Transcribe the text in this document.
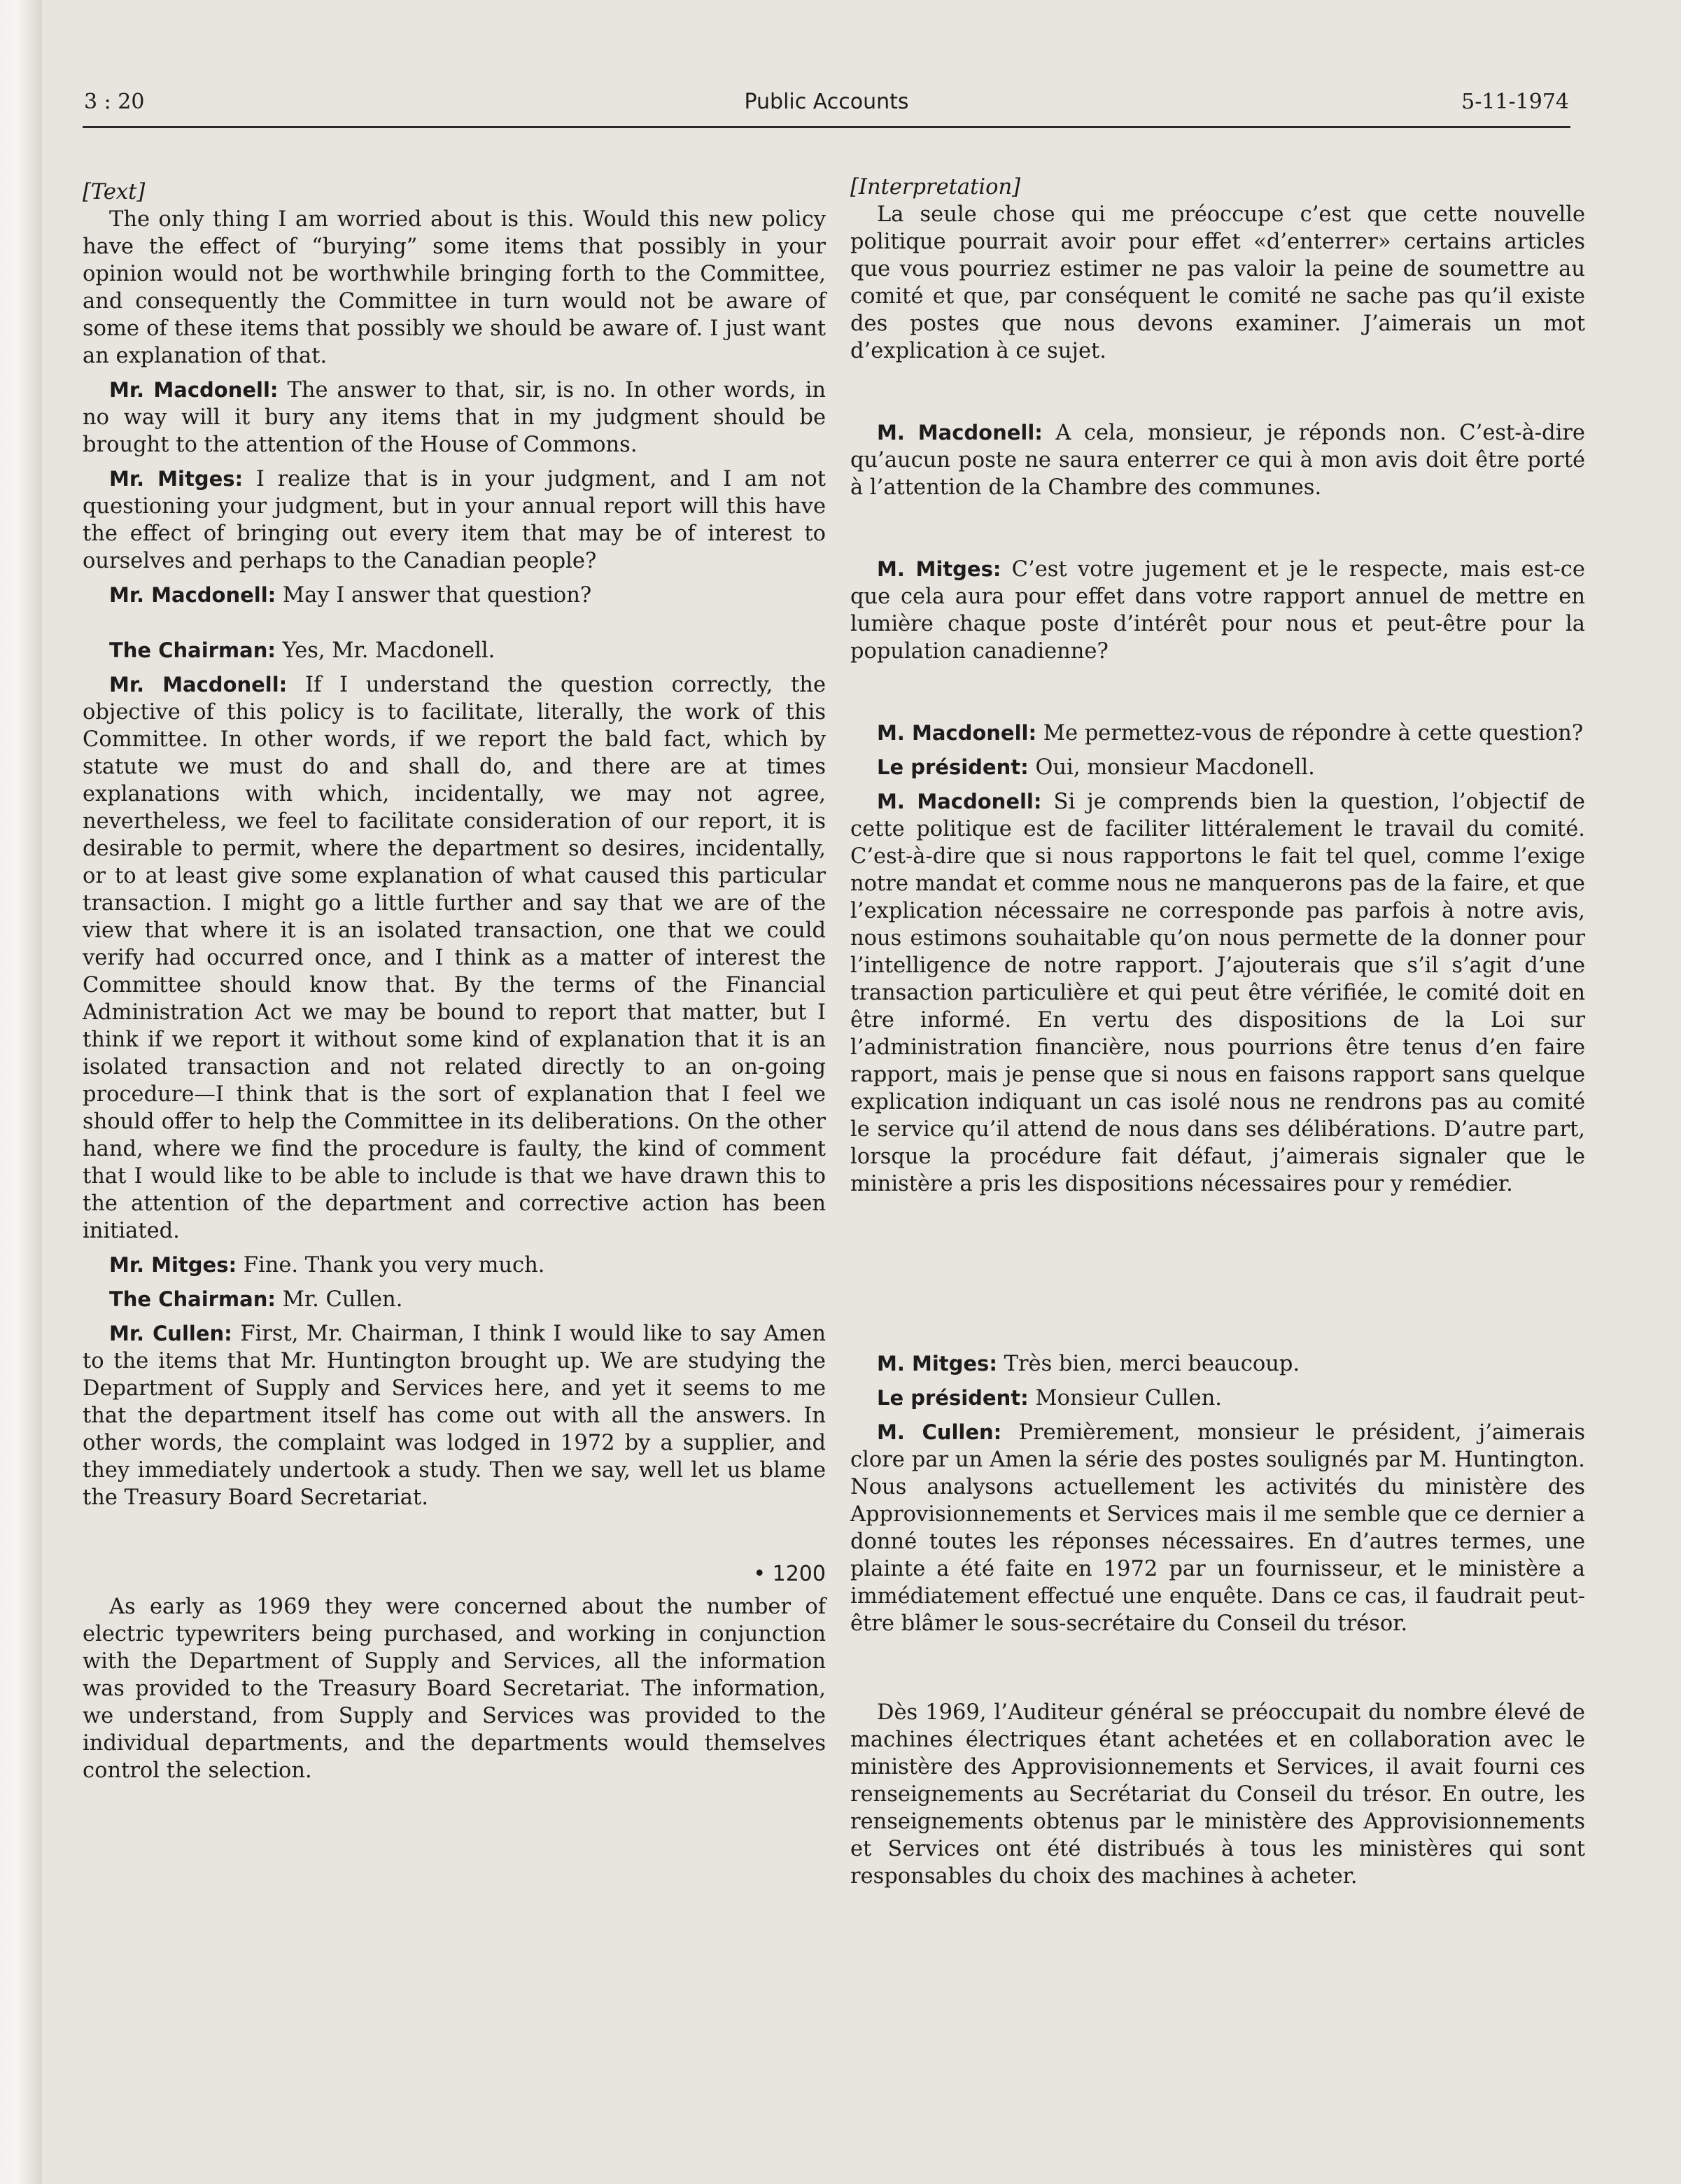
3 : 20	Public Accounts	5-11-1974

[Text]

The only thing I am worried about is this. Would this new policy have the effect of “burying” some items that possibly in your opinion would not be worthwhile bringing forth to the Committee, and consequently the Committee in turn would not be aware of some of these items that possibly we should be aware of. I just want an explanation of that.

Mr. Macdonell: The answer to that, sir, is no. In other words, in no way will it bury any items that in my judgment should be brought to the attention of the House of Commons.

Mr. Mitges: I realize that is in your judgment, and I am not questioning your judgment, but in your annual report will this have the effect of bringing out every item that may be of interest to ourselves and perhaps to the Canadian people?

Mr. Macdonell: May I answer that question?

The Chairman: Yes, Mr. Macdonell.

Mr. Macdonell: If I understand the question correctly, the objective of this policy is to facilitate, literally, the work of this Committee. In other words, if we report the bald fact, which by statute we must do and shall do, and there are at times explanations with which, incidentally, we may not agree, nevertheless, we feel to facilitate consideration of our report, it is desirable to permit, where the department so desires, incidentally, or to at least give some explanation of what caused this particular transaction. I might go a little further and say that we are of the view that where it is an isolated transaction, one that we could verify had occurred once, and I think as a matter of interest the Committee should know that. By the terms of the Financial Administration Act we may be bound to report that matter, but I think if we report it without some kind of explanation that it is an isolated transaction and not related directly to an on-going procedure—I think that is the sort of explanation that I feel we should offer to help the Committee in its deliberations. On the other hand, where we find the procedure is faulty, the kind of comment that I would like to be able to include is that we have drawn this to the attention of the department and corrective action has been initiated.

Mr. Mitges: Fine. Thank you very much.

The Chairman: Mr. Cullen.

Mr. Cullen: First, Mr. Chairman, I think I would like to say Amen to the items that Mr. Huntington brought up. We are studying the Department of Supply and Services here, and yet it seems to me that the department itself has come out with all the answers. In other words, the complaint was lodged in 1972 by a supplier, and they immediately undertook a study. Then we say, well let us blame the Treasury Board Secretariat.

• 1200

As early as 1969 they were concerned about the number of electric typewriters being purchased, and working in conjunction with the Department of Supply and Services, all the information was provided to the Treasury Board Secretariat. The information, we understand, from Supply and Services was provided to the individual departments, and the departments would themselves control the selection.

[Interpretation]

La seule chose qui me préoccupe c’est que cette nouvelle politique pourrait avoir pour effet «d’enterrer» certains articles que vous pourriez estimer ne pas valoir la peine de soumettre au comité et que, par conséquent le comité ne sache pas qu’il existe des postes que nous devons examiner. J’aimerais un mot d’explication à ce sujet.

M. Macdonell: A cela, monsieur, je réponds non. C’est-à-dire qu’aucun poste ne saura enterrer ce qui à mon avis doit être porté à l’attention de la Chambre des communes.

M. Mitges: C’est votre jugement et je le respecte, mais est-ce que cela aura pour effet dans votre rapport annuel de mettre en lumière chaque poste d’intérêt pour nous et peut-être pour la population canadienne?

M. Macdonell: Me permettez-vous de répondre à cette question?

Le président: Oui, monsieur Macdonell.

M. Macdonell: Si je comprends bien la question, l’objectif de cette politique est de faciliter littéralement le travail du comité. C’est-à-dire que si nous rapportons le fait tel quel, comme l’exige notre mandat et comme nous ne manquerons pas de la faire, et que l’explication nécessaire ne corresponde pas parfois à notre avis, nous estimons souhaitable qu’on nous permette de la donner pour l’intelligence de notre rapport. J’ajouterais que s’il s’agit d’une transaction particulière et qui peut être vérifiée, le comité doit en être informé. En vertu des dispositions de la Loi sur l’administration financière, nous pourrions être tenus d’en faire rapport, mais je pense que si nous en faisons rapport sans quelque explication indiquant un cas isolé nous ne rendrons pas au comité le service qu’il attend de nous dans ses délibérations. D’autre part, lorsque la procédure fait défaut, j’aimerais signaler que le ministère a pris les dispositions nécessaires pour y remédier.

M. Mitges: Très bien, merci beaucoup.

Le président: Monsieur Cullen.

M. Cullen: Premièrement, monsieur le président, j’aimerais clore par un Amen la série des postes soulignés par M. Huntington. Nous analysons actuellement les activités du ministère des Approvisionnements et Services mais il me semble que ce dernier a donné toutes les réponses nécessaires. En d’autres termes, une plainte a été faite en 1972 par un fournisseur, et le ministère a immédiatement effectué une enquête. Dans ce cas, il faudrait peut-être blâmer le sous-secrétaire du Conseil du trésor.

Dès 1969, l’Auditeur général se préoccupait du nombre élevé de machines électriques étant achetées et en collaboration avec le ministère des Approvisionnements et Services, il avait fourni ces renseignements au Secrétariat du Conseil du trésor. En outre, les renseignements obtenus par le ministère des Approvisionnements et Services ont été distribués à tous les ministères qui sont responsables du choix des machines à acheter.
